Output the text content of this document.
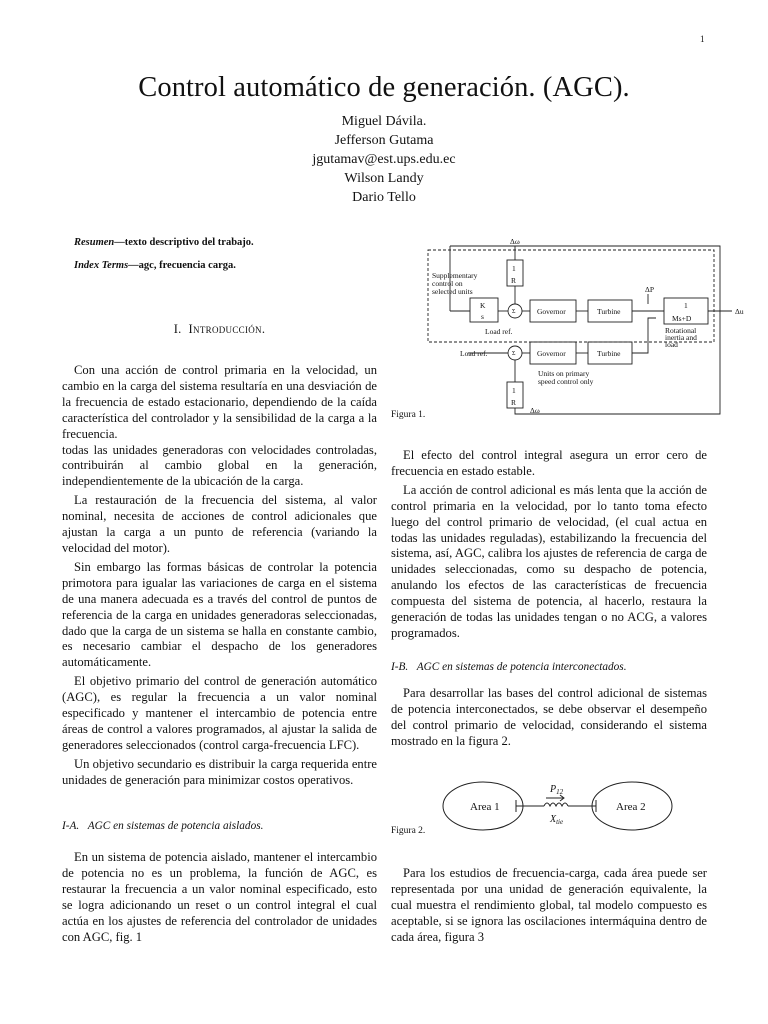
1
Control automático de generación. (AGC).
Miguel Dávila.
Jefferson Gutama
jgutamav@est.ups.edu.ec
Wilson Landy
Dario Tello

Resumen—texto descriptivo del trabajo.

Index Terms—agc, frecuencia carga.

I. Introducción.

Con una acción de control primaria en la velocidad, un cambio en la carga del sistema resultaría en una desviación de la frecuencia de estado estacionario, dependiendo de la caída característica del controlador y la sensibilidad de la carga a la frecuencia.

todas las unidades generadoras con velocidades controladas, contribuirán al cambio global en la generación, independientemente de la ubicación de la carga.

La restauración de la frecuencia del sistema, al valor nominal, necesita de acciones de control adicionales que ajustan la carga a un punto de referencia (variando la velocidad del motor).

Sin embargo las formas básicas de controlar la potencia primotora para igualar las variaciones de carga en el sistema de una manera adecuada es a través del control de puntos de referencia de la carga en unidades generadoras seleccionadas, dado que la carga de un sistema se halla en constante cambio, es necesario cambiar el despacho de los generadores automáticamente.

El objetivo primario del control de generación automático (AGC), es regular la frecuencia a un valor nominal especificado y mantener el intercambio de potencia entre áreas de control a valores programados, al ajustar la salida de generadores seleccionados (control carga-frecuencia LFC).

Un objetivo secundario es distribuir la carga requerida entre unidades de generación para minimizar costos operativos.

I-A. AGC en sistemas de potencia aislados.

En un sistema de potencia aislado, mantener el intercambio de potencia no es un problema, la función de AGC, es restaurar la frecuencia a un valor nominal especificado, esto se logra adicionando un reset o un control integral el cual actúa en los ajustes de referencia del controlador de unidades con AGC, fig. 1

Δω
Supplementary
control on
selected units
1
R
K
s
Governor	Turbine
ΔP
1
Ms+D
Δu
Rotational
inertia and
load
Load ref.
Load ref.	Governor	Turbine
Units on primary
speed control only
1
R
Δω
Σ
Σ
Figura 1.

El efecto del control integral asegura un error cero de frecuencia en estado estable.

La acción de control adicional es más lenta que la acción de control primaria en la velocidad, por lo tanto toma efecto luego del control primario de velocidad, (el cual actua en todas las unidades reguladas), estabilizando la frecuencia del sistema, así, AGC, calibra los ajustes de referencia de carga de unidades seleccionadas, como su despacho de potencia, anulando los efectos de las características de frecuencia compuesta del sistema de potencia, al hacerlo, restaura la generación de todas las unidades tengan o no ACG, a valores programados.

I-B. AGC en sistemas de potencia interconectados.

Para desarrollar las bases del control adicional de sistemas de potencia interconectados, se debe observar el desempeño del control primario de velocidad, considerando el sistema mostrado en la figura 2.

Area 1	Area 2
$P_{12}$
$X_{tie}$
Figura 2.

Para los estudios de frecuencia-carga, cada área puede ser representada por una unidad de generación equivalente, la cual muestra el rendimiento global, tal modelo compuesto es aceptable, si se ignora las oscilaciones intermáquina dentro de cada área, figura 3
